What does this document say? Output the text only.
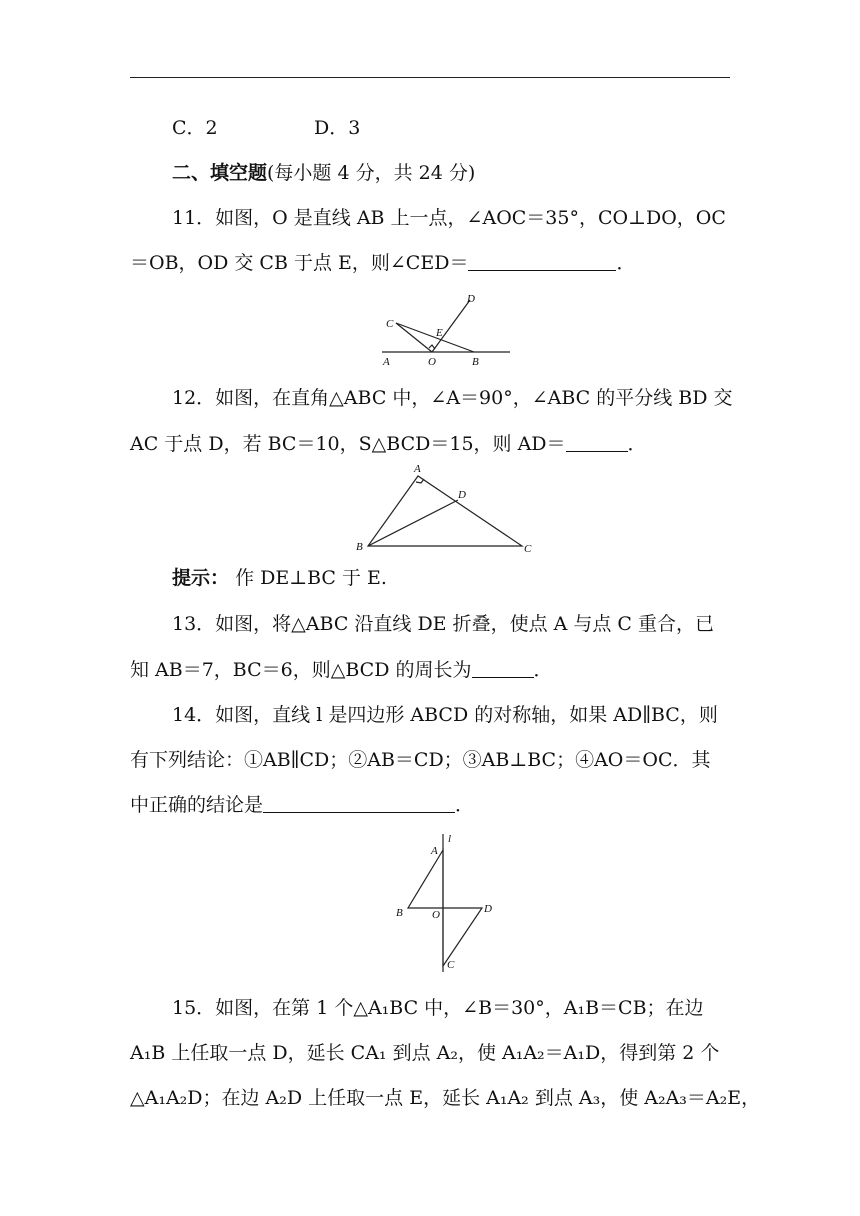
C．2	D．3
二、填空题(每小题 4 分，共 24 分)
11．如图，O 是直线 AB 上一点，∠AOC＝35°，CO⊥DO，OC
＝OB，OD 交 CB 于点 E，则∠CED＝	．
C
D
E
A	O	B
12．如图，在直角△ABC 中，∠A＝90°，∠ABC 的平分线 BD 交
AC 于点 D，若 BC＝10，S△BCD＝15，则 AD＝	．
A
D
B	C
提示： 作 DE⊥BC 于 E.
13．如图，将△ABC 沿直线 DE 折叠，使点 A 与点 C 重合，已
知 AB＝7，BC＝6，则△BCD 的周长为	．
14．如图，直线 l 是四边形 ABCD 的对称轴，如果 AD∥BC，则
有下列结论：①AB∥CD；②AB＝CD；③AB⊥BC；④AO＝OC．其
中正确的结论是	．
l
A
B	O	D
C
15．如图，在第 1 个△A₁BC 中，∠B＝30°，A₁B＝CB；在边
A₁B 上任取一点 D，延长 CA₁ 到点 A₂，使 A₁A₂＝A₁D，得到第 2 个
△A₁A₂D；在边 A₂D 上任取一点 E，延长 A₁A₂ 到点 A₃，使 A₂A₃＝A₂E，
